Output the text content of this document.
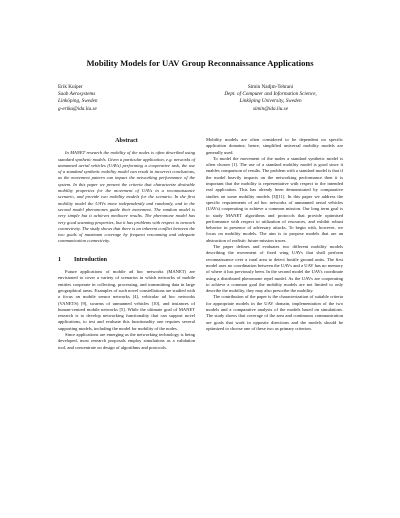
Mobility Models for UAV Group Reconnaissance Applications
Erik Kuiper
Saab Aerosystems
Linköping, Sweden
g-eriku@ida.liu.se
Simin Nadjm-Tehrani
Dept. of Computer and Information Science,
Linköping University, Sweden
simin@ida.liu.se
Abstract

In MANET research the mobility of the nodes is often described using standard synthetic models. Given a particular application, e.g. networks of unmanned aerial vehicles (UAVs) performing a cooperative task, the use of a standard synthetic mobility model can result in incorrect conclusions, as the movement pattern can impact the networking performance of the system. In this paper we present the criteria that characterize desirable mobility properties for the movement of UAVs in a reconnaissance scenario, and provide two mobility models for the scenario. In the first mobility model the UAVs move independently and randomly, and in the second model pheromones guide their movement. The random model is very simple but it achieves mediocre results. The pheromone model has very good scanning properties, but it has problems with respect to network connectivity. The study shows that there is an inherent conflict between the two goals of maximum coverage by frequent rescanning and adequate communication connectivity.

1 Introduction

Future applications of mobile ad hoc networks (MANET) are envisioned to cover a variety of scenarios in which networks of mobile entities cooperate in collecting, processing, and transmitting data in large geographical areas. Examples of such novel constellations are studied with a focus on mobile sensor networks [4], vehicular ad hoc networks (VANETS) [9], swarms of unmanned vehicles [10], and instances of human-centred mobile networks [5]. While the ultimate goal of MANET research is to develop networking functionality that can support novel applications, to test and evaluate this functionality one requires several supporting models, including the model for mobility of the nodes.

Since applications are emerging as the networking technology is being developed, most research proposals employ simulations as a validation tool, and concentrate on design of algorithms and protocols.

Mobility models are often considered to be dependent on specific application domains; hence, simplified universal mobility models are generally used.

To model the movement of the nodes a standard synthetic model is often chosen [1]. The use of a standard mobility model is good since it enables comparison of results. The problem with a standard model is that if the model heavily impacts on the networking performance then it is important that the mobility is representative with respect to the intended real application. This has already been demonstrated by comparative studies on some mobility models [3][11]. In this paper we address the specific requirements of ad hoc networks of unmanned aerial vehicles (UAVs) cooperating to achieve a common mission. Our long term goal is to study MANET algorithms and protocols that provide optimised performance with respect to utilization of resources, and exhibit robust behavior in presence of adversary attacks. To begin with, however, we focus on mobility models. The aim is to propose models that are an abstraction of realistic future mission traces.

The paper defines and evaluates two different mobility models describing the movement of fixed wing UAVs that shall perform reconnaissance over a rural area to detect hostile ground units. The first model uses no coordination between the UAVs and a UAV has no memory of where it has previously been. In the second model the UAVs coordinate using a distributed pheromone repel model. As the UAVs are cooperating to achieve a common goal the mobility models are not limited to only describe the mobility, they may also prescribe the mobility.

The contribution of the paper is the characterization of suitable criteria for appropriate models in the UAV domain, implementation of the two models and a comparative analysis of the models based on simulations. The study shows that coverage of the area and continuous communication are goals that work in opposite directions and the models should be optimized to choose one of these two as primary criterion.
